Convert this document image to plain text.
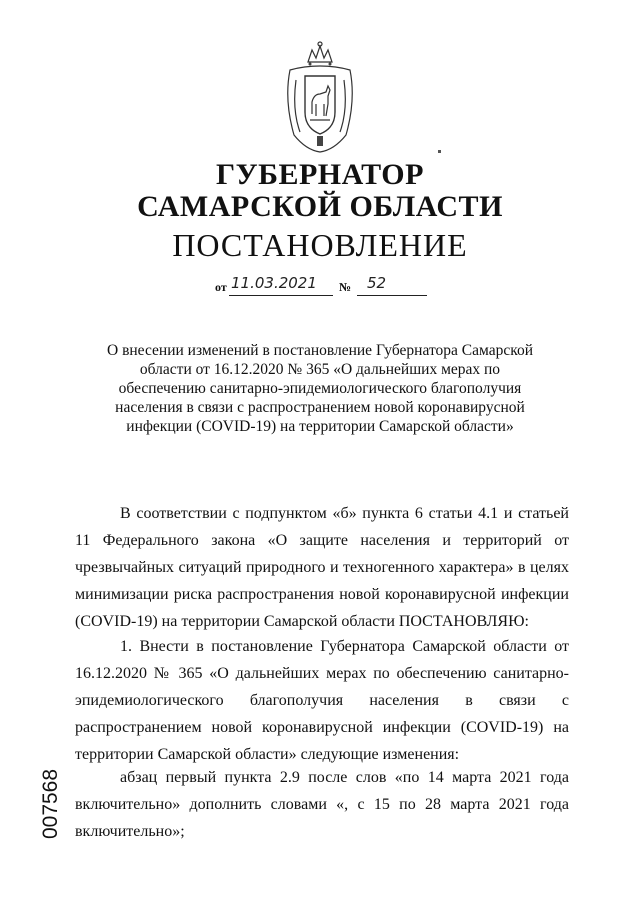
ГУБЕРНАТОР
САМАРСКОЙ ОБЛАСТИ
ПОСТАНОВЛЕНИЕ
от 11.03.2021 № 52
О внесении изменений в постановление Губернатора Самарской области от 16.12.2020 № 365 «О дальнейших мерах по обеспечению санитарно-эпидемиологического благополучия населения в связи с распространением новой коронавирусной инфекции (COVID-19) на территории Самарской области»
В соответствии с подпунктом «б» пункта 6 статьи 4.1 и статьей 11 Федерального закона «О защите населения и территорий от чрезвычайных ситуаций природного и техногенного характера» в целях минимизации риска распространения новой коронавирусной инфекции (COVID-19) на территории Самарской области ПОСТАНОВЛЯЮ:
1. Внести в постановление Губернатора Самарской области от 16.12.2020 № 365 «О дальнейших мерах по обеспечению санитарно-эпидемиологического благополучия населения в связи с распространением новой коронавирусной инфекции (COVID-19) на территории Самарской области» следующие изменения:
абзац первый пункта 2.9 после слов «по 14 марта 2021 года включительно» дополнить словами «, с 15 по 28 марта 2021 года включительно»;
007568
